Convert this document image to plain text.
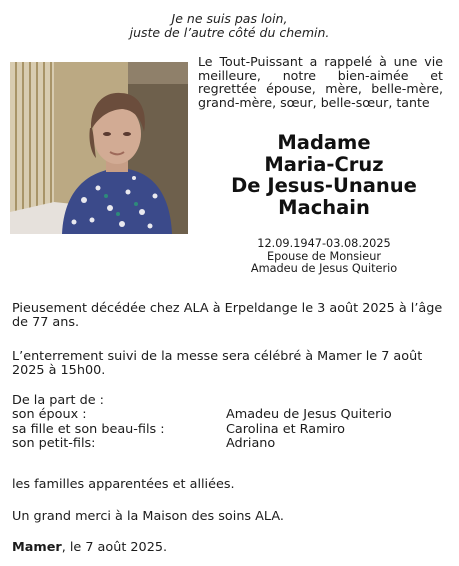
Je ne suis pas loin,
juste de l’autre côté du chemin.
Le Tout-Puissant a rappelé à une vie meilleure, notre bien-aimée et regrettée épouse, mère, belle-mère, grand-mère, sœur, belle-sœur, tante
Madame
Maria-Cruz
De Jesus-Unanue
Machain
12.09.1947-03.08.2025
Epouse de Monsieur
Amadeu de Jesus Quiterio
Pieusement décédée chez ALA à Erpeldange le 3 août 2025 à l’âge de 77 ans.
L’enterrement suivi de la messe sera célébré à Mamer le 7 août 2025 à 15h00.
De la part de :
son époux :	Amadeu de Jesus Quiterio
sa fille et son beau-fils :	Carolina et Ramiro
son petit-fils:	Adriano
les familles apparentées et alliées.
Un grand merci à la Maison des soins ALA.
Mamer, le 7 août 2025.
